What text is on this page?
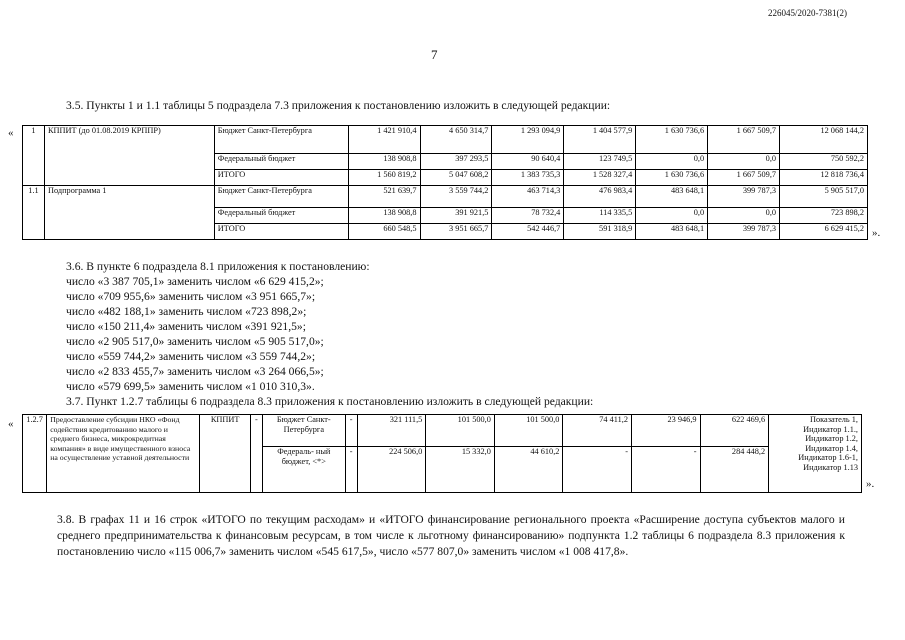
226045/2020-7381(2)
7
3.5. Пункты 1 и 1.1 таблицы 5 подраздела 7.3 приложения к постановлению изложить в следующей редакции:
« 1	КППИТ (до 01.08.2019 КРППР)	Бюджет Санкт-Петербурга	1 421 910,4	4 650 314,7	1 293 094,9	1 404 577,9	1 630 736,6	1 667 509,7	12 068 144,2
		Федеральный бюджет	138 908,8	397 293,5	90 640,4	123 749,5	0,0	0,0	750 592,2
		ИТОГО	1 560 819,2	5 047 608,2	1 383 735,3	1 528 327,4	1 630 736,6	1 667 509,7	12 818 736,4
1.1	Подпрограмма 1	Бюджет Санкт-Петербурга	521 639,7	3 559 744,2	463 714,3	476 983,4	483 648,1	399 787,3	5 905 517,0
		Федеральный бюджет	138 908,8	391 921,5	78 732,4	114 335,5	0,0	0,0	723 898,2
		ИТОГО	660 548,5	3 951 665,7	542 446,7	591 318,9	483 648,1	399 787,3	6 629 415,2 ».
3.6. В пункте 6 подраздела 8.1 приложения к постановлению:
число «3 387 705,1» заменить числом «6 629 415,2»;
число «709 955,6» заменить числом «3 951 665,7»;
число «482 188,1» заменить числом «723 898,2»;
число «150 211,4» заменить числом «391 921,5»;
число «2 905 517,0» заменить числом «5 905 517,0»;
число «559 744,2» заменить числом «3 559 744,2»;
число «2 833 455,7» заменить числом «3 264 066,5»;
число «579 699,5» заменить числом «1 010 310,3».
3.7. Пункт 1.2.7 таблицы 6 подраздела 8.3 приложения к постановлению изложить в следующей редакции:
« 1.2.7	Предоставление субсидии НКО «Фонд содействия кредитованию малого и среднего бизнеса, микрокредитная компания» в виде имущественного взноса на осуществление уставной деятельности	КППИТ	-	Бюджет Санкт-Петербурга	-	321 111,5	101 500,0	101 500,0	74 411,2	23 946,9	622 469,6	Показатель 1, Индикатор 1.1., Индикатор 1.2, Индикатор 1.4, Индикатор 1.6-1, Индикатор 1.13
				Федераль- ный бюджет, <*>	-	224 506,0	15 332,0	44 610,2	-	-	284 448,2	
».
3.8. В графах 11 и 16 строк «ИТОГО по текущим расходам» и «ИТОГО финансирование регионального проекта «Расширение доступа субъектов малого и среднего предпринимательства к финансовым ресурсам, в том числе к льготному финансированию» подпункта 1.2 таблицы 6 подраздела 8.3 приложения к постановлению число «115 006,7» заменить числом «545 617,5», число «577 807,0» заменить числом «1 008 417,8».
